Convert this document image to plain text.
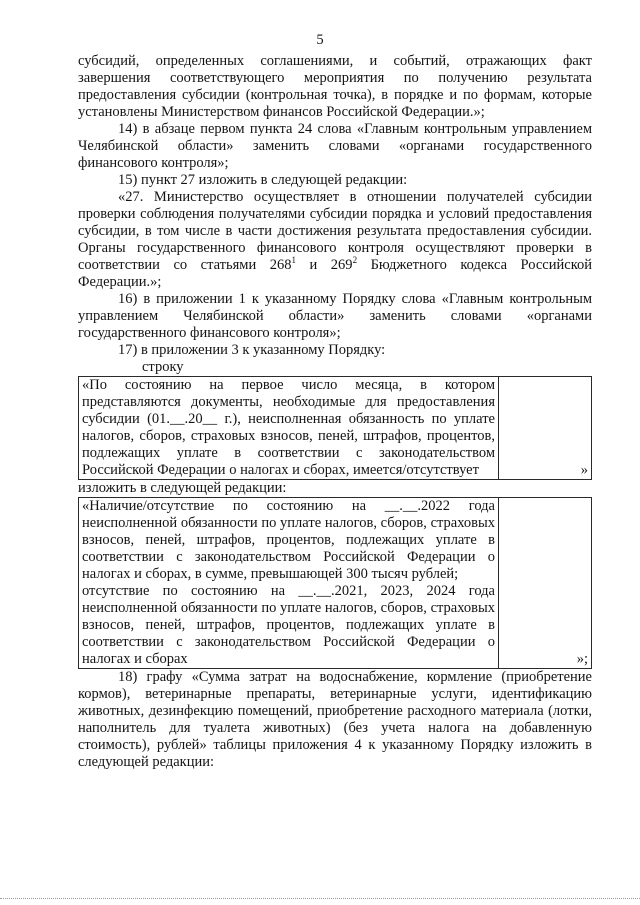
5

субсидий, определенных соглашениями, и событий, отражающих факт завершения соответствующего мероприятия по получению результата предоставления субсидии (контрольная точка), в порядке и по формам, которые установлены Министерством финансов Российской Федерации.»;

14) в абзаце первом пункта 24 слова «Главным контрольным управлением Челябинской области» заменить словами «органами государственного финансового контроля»;

15) пункт 27 изложить в следующей редакции:

«27. Министерство осуществляет в отношении получателей субсидии проверки соблюдения получателями субсидии порядка и условий предоставления субсидии, в том числе в части достижения результата предоставления субсидии. Органы государственного финансового контроля осуществляют проверки в соответствии со статьями $268^1$ и $269^2$ Бюджетного кодекса Российской Федерации.»;

16) в приложении 1 к указанному Порядку слова «Главным контрольным управлением Челябинской области» заменить словами «органами государственного финансового контроля»;

17) в приложении 3 к указанному Порядку:

строку

«По состоянию на первое число месяца, в котором представляются документы, необходимые для предоставления субсидии (01.__.20__ г.), неисполненная обязанность по уплате налогов, сборов, страховых взносов, пеней, штрафов, процентов, подлежащих уплате в соответствии с законодательством Российской Федерации о налогах и сборах, имеется/отсутствует	»

изложить в следующей редакции:

«Наличие/отсутствие по состоянию на __.__.2022 года неисполненной обязанности по уплате налогов, сборов, страховых взносов, пеней, штрафов, процентов, подлежащих уплате в соответствии с законодательством Российской Федерации о налогах и сборах, в сумме, превышающей 300 тысяч рублей;
отсутствие по состоянию на __.__.2021, 2023, 2024 года неисполненной обязанности по уплате налогов, сборов, страховых взносов, пеней, штрафов, процентов, подлежащих уплате в соответствии с законодательством Российской Федерации о налогах и сборах	»;

18) графу «Сумма затрат на водоснабжение, кормление (приобретение кормов), ветеринарные препараты, ветеринарные услуги, идентификацию животных, дезинфекцию помещений, приобретение расходного материала (лотки, наполнитель для туалета животных) (без учета налога на добавленную стоимость), рублей» таблицы приложения 4 к указанному Порядку изложить в следующей редакции:
